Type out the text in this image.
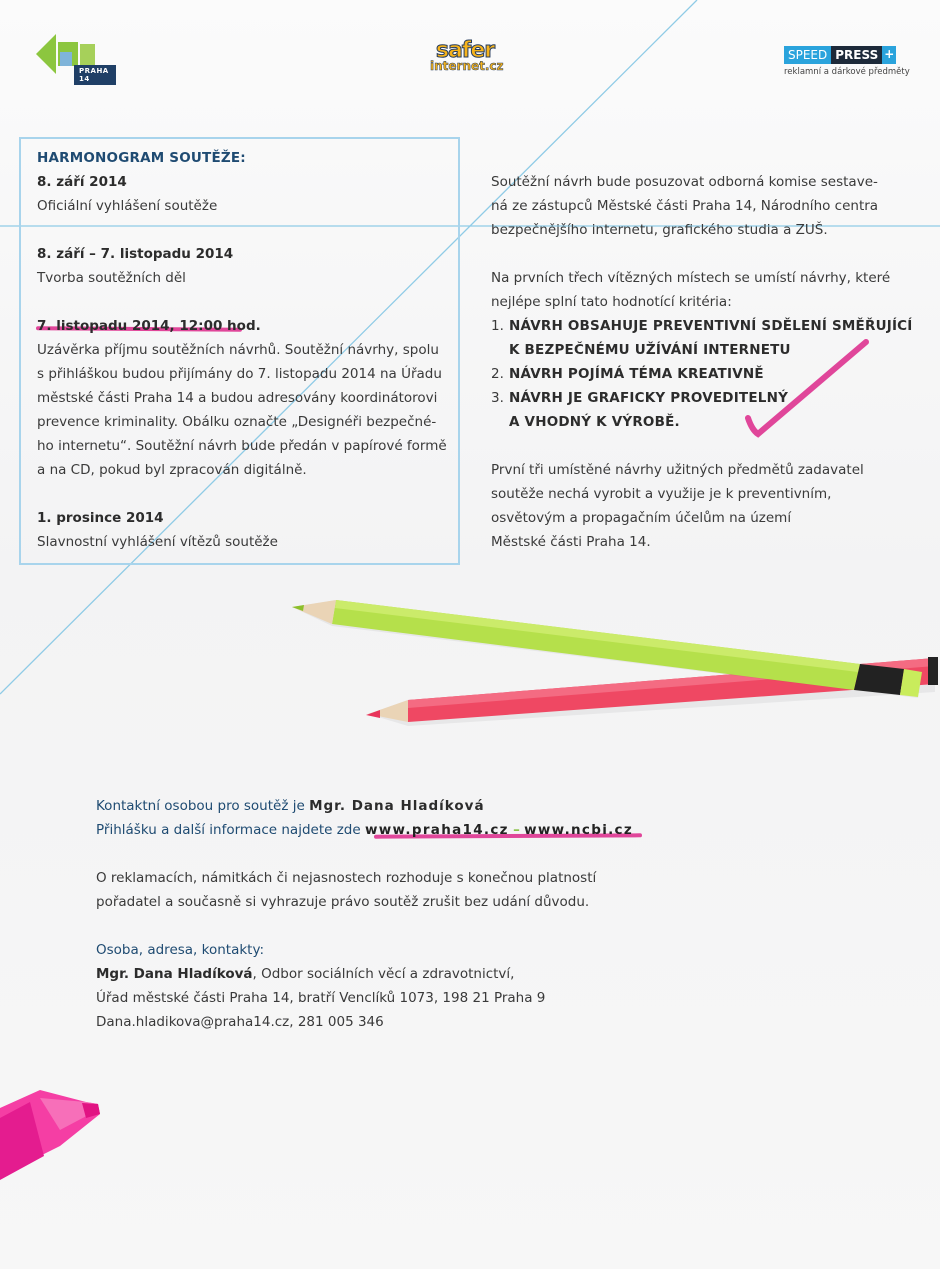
PRAHA 14
safer
internet.cz
SPEED PRESS +
reklamní a dárkové předměty
HARMONOGRAM SOUTĚŽE:
8. září 2014
Oficiální vyhlášení soutěže
8. září – 7. listopadu 2014
Tvorba soutěžních děl
7. listopadu 2014, 12:00 hod.
Uzávěrka příjmu soutěžních návrhů. Soutěžní návrhy, spolu
s přihláškou budou přijímány do 7. listopadu 2014 na Úřadu
městské části Praha 14 a budou adresovány koordinátorovi
prevence kriminality. Obálku označte „Designéři bezpečné-
ho internetu“. Soutěžní návrh bude předán v papírové formě
a na CD, pokud byl zpracován digitálně.
1. prosince 2014
Slavnostní vyhlášení vítězů soutěže
Soutěžní návrh bude posuzovat odborná komise sestave-
ná ze zástupců Městské části Praha 14, Národního centra
bezpečnějšího internetu, grafického studia a ZUŠ.
Na prvních třech vítězných místech se umístí návrhy, které
nejlépe splní tato hodnotící kritéria:
1. NÁVRH OBSAHUJE PREVENTIVNÍ SDĚLENÍ SMĚŘUJÍCÍ
K BEZPEČNÉMU UŽÍVÁNÍ INTERNETU
2. NÁVRH POJÍMÁ TÉMA KREATIVNĚ
3. NÁVRH JE GRAFICKY PROVEDITELNÝ
A VHODNÝ K VÝROBĚ.
První tři umístěné návrhy užitných předmětů zadavatel
soutěže nechá vyrobit a využije je k preventivním,
osvětovým a propagačním účelům na území
Městské části Praha 14.
Kontaktní osobou pro soutěž je Mgr. Dana Hladíková
Přihlášku a další informace najdete zde www.praha14.cz – www.ncbi.cz
O reklamacích, námitkách či nejasnostech rozhoduje s konečnou platností
pořadatel a současně si vyhrazuje právo soutěž zrušit bez udání důvodu.
Osoba, adresa, kontakty:
Mgr. Dana Hladíková, Odbor sociálních věcí a zdravotnictví,
Úřad městské části Praha 14, bratří Venclíků 1073, 198 21 Praha 9
Dana.hladikova@praha14.cz, 281 005 346
